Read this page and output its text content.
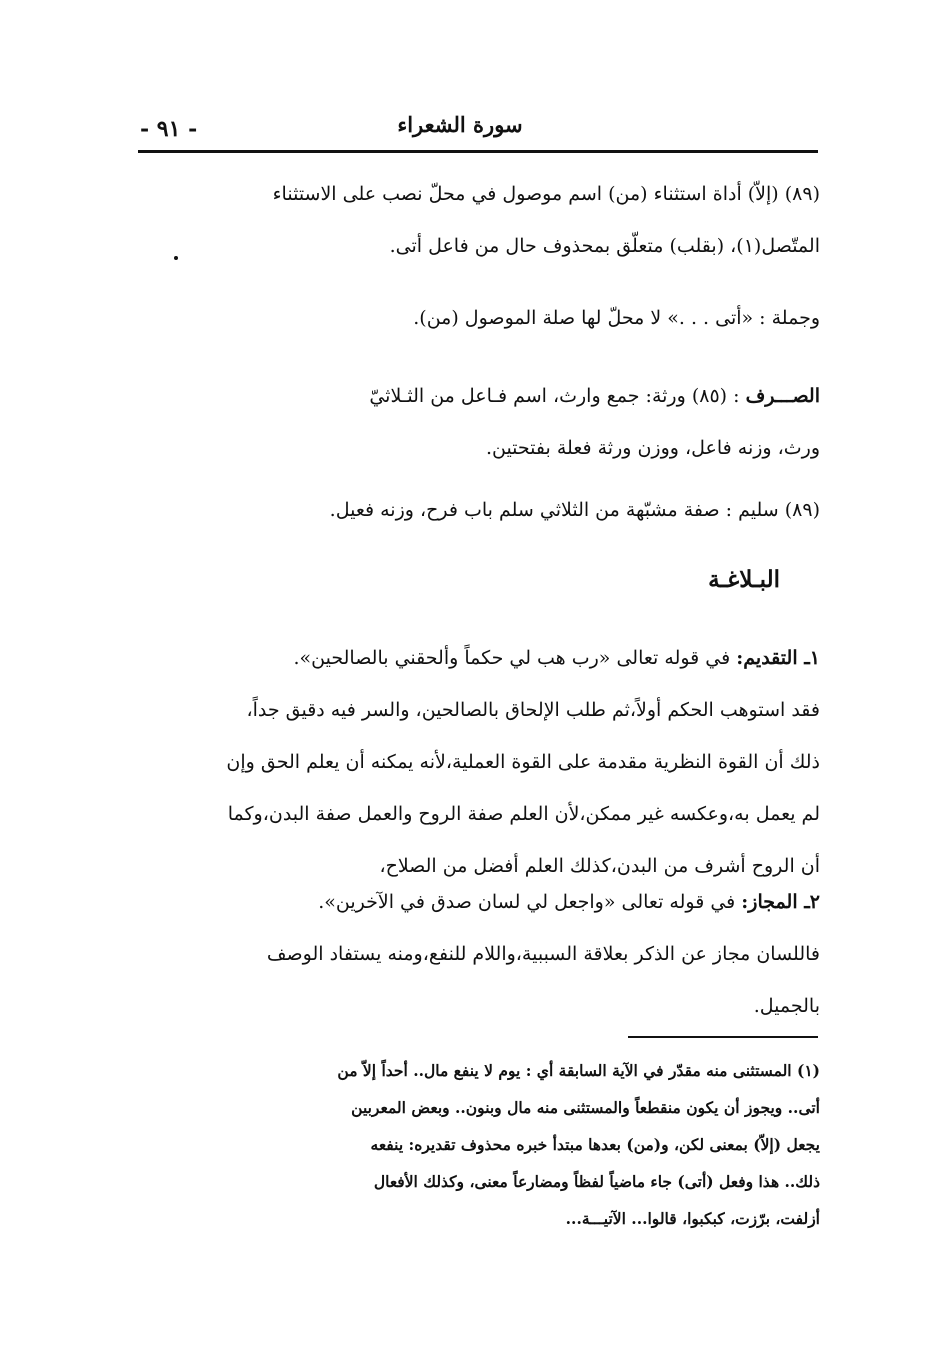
سورة الشعراء
- ٩١ -
(٨٩) (إلاّ) أداة استثناء (من) اسم موصول في محلّ نصب على الاستثناء
المتّصل(١)، (بقلب) متعلّق بمحذوف حال من فاعل أتى.
وجملة : «أتى . . .» لا محلّ لها صلة الموصول (من).
الصـــرف : (٨٥) ورثة: جمع وارث، اسم فـاعل من الثـلاثيّ
ورث، وزنه فاعل، ووزن ورثة فعلة بفتحتين.
(٨٩) سليم : صفة مشبّهة من الثلاثي سلم باب فرح، وزنه فعيل.
البـلاغـة
١ـ التقديم: في قوله تعالى «رب هب لي حكماً وألحقني بالصالحين».
فقد استوهب الحكم أولاً،ثم طلب الإلحاق بالصالحين، والسر فيه دقيق جداً،
ذلك أن القوة النظرية مقدمة على القوة العملية،لأنه يمكنه أن يعلم الحق وإن
لم يعمل به،وعكسه غير ممكن،لأن العلم صفة الروح والعمل صفة البدن،وكما
أن الروح أشرف من البدن،كذلك العلم أفضل من الصلاح،
٢ـ المجاز: في قوله تعالى «واجعل لي لسان صدق في الآخرين».
فاللسان مجاز عن الذكر بعلاقة السببية،واللام للنفع،ومنه يستفاد الوصف
بالجميل.
(١) المستثنى منه مقدّر في الآية السابقة أي : يوم لا ينفع مال.. أحداً إلاّ من
أتى.. ويجوز أن يكون منقطعاً والمستثنى منه مال وبنون.. وبعض المعربين
يجعل (إلاّ) بمعنى لكن، و(من) بعدها مبتدأ خبره محذوف تقديره: ينفعه
ذلك.. هذا وفعل (أتى) جاء ماضياً لفظاً ومضارعاً معنى، وكذلك الأفعال
أزلفت، برّزت، كبكبوا، قالوا... الآتيـــة...
